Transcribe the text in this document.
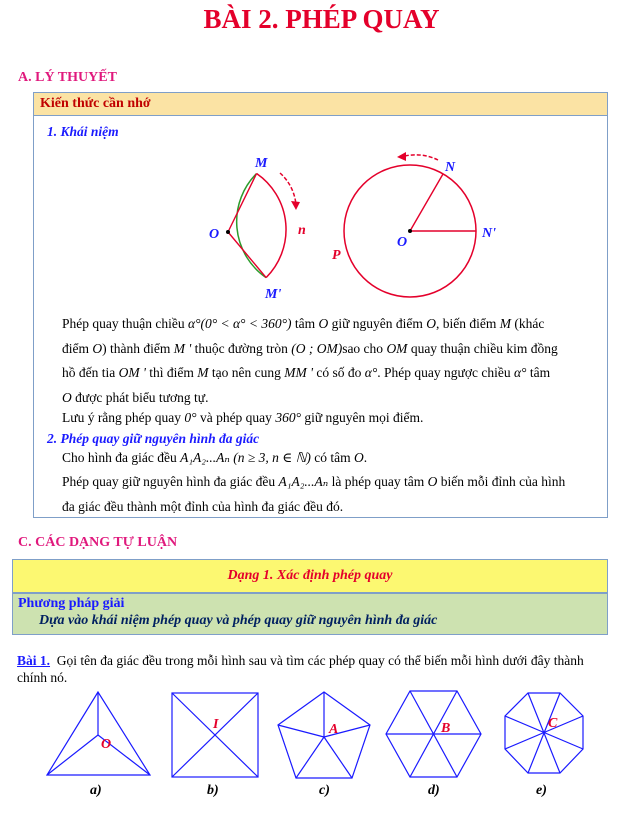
BÀI 2. PHÉP QUAY
A. LÝ THUYẾT
Kiến thức cần nhớ
1. Khái niệm
M
O	n
M'
N
O
N'
P
Phép quay thuận chiều α°(0° < α° < 360°) tâm O giữ nguyên điểm O, biến điểm M (khác
điểm O) thành điểm M ' thuộc đường tròn (O ; OM)sao cho OM quay thuận chiều kim đồng
hồ đến tia OM ' thì điểm M tạo nên cung MM ' có số đo α°. Phép quay ngược chiều α° tâm
O được phát biểu tương tự.
Lưu ý rằng phép quay 0° và phép quay 360° giữ nguyên mọi điểm.
2. Phép quay giữ nguyên hình đa giác
Cho hình đa giác đều A₁A₂...Aₙ (n ≥ 3, n ∈ ℕ) có tâm O.
Phép quay giữ nguyên hình đa giác đều A₁A₂...Aₙ là phép quay tâm O biến mỗi đỉnh của hình
đa giác đều thành một đỉnh của hình đa giác đều đó.
C. CÁC DẠNG TỰ LUẬN
Dạng 1. Xác định phép quay
Phương pháp giải
Dựa vào khái niệm phép quay và phép quay giữ nguyên hình đa giác
Bài 1. Gọi tên đa giác đều trong mỗi hình sau và tìm các phép quay có thể biến mỗi hình dưới đây thành chính nó.
O
a)
I
b)
A
c)
B
d)
C
e)
